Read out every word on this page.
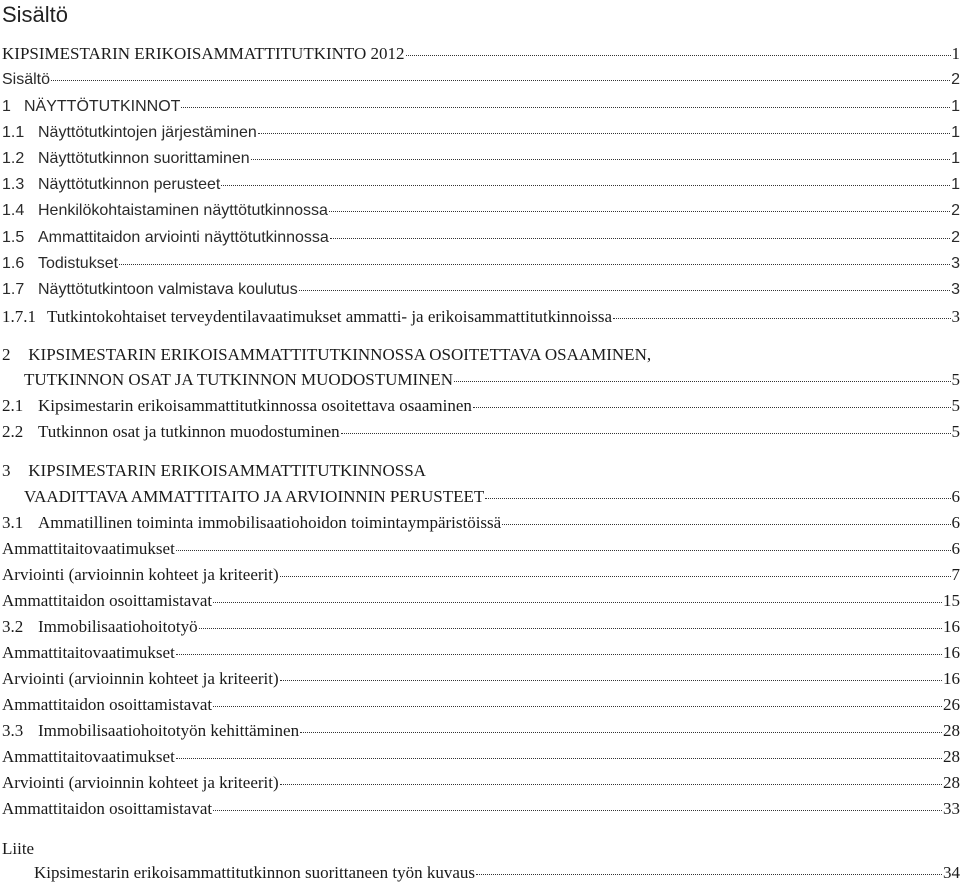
Sisältö
KIPSIMESTARIN ERIKOISAMMATTITUTKINTO 2012	1
Sisältö	2
1 NÄYTTÖTUTKINNOT	1
1.1 Näyttötutkintojen järjestäminen	1
1.2 Näyttötutkinnon suorittaminen	1
1.3 Näyttötutkinnon perusteet	1
1.4 Henkilökohtaistaminen näyttötutkinnossa	2
1.5 Ammattitaidon arviointi näyttötutkinnossa	2
1.6 Todistukset	3
1.7 Näyttötutkintoon valmistava koulutus	3
1.7.1 Tutkintokohtaiset terveydentilavaatimukset ammatti- ja erikoisammattitutkinnoissa	3
2 KIPSIMESTARIN ERIKOISAMMATTITUTKINNOSSA OSOITETTAVA OSAAMINEN,
TUTKINNON OSAT JA TUTKINNON MUODOSTUMINEN	5
2.1 Kipsimestarin erikoisammattitutkinnossa osoitettava osaaminen	5
2.2 Tutkinnon osat ja tutkinnon muodostuminen	5
3 KIPSIMESTARIN ERIKOISAMMATTITUTKINNOSSA
VAADITTAVA AMMATTITAITO JA ARVIOINNIN PERUSTEET	6
3.1 Ammatillinen toiminta immobilisaatiohoidon toimintaympäristöissä	6
Ammattitaitovaatimukset	6
Arviointi (arvioinnin kohteet ja kriteerit)	7
Ammattitaidon osoittamistavat	15
3.2 Immobilisaatiohoitotyö	16
Ammattitaitovaatimukset	16
Arviointi (arvioinnin kohteet ja kriteerit)	16
Ammattitaidon osoittamistavat	26
3.3 Immobilisaatiohoitotyön kehittäminen	28
Ammattitaitovaatimukset	28
Arviointi (arvioinnin kohteet ja kriteerit)	28
Ammattitaidon osoittamistavat	33
Liite
Kipsimestarin erikoisammattitutkinnon suorittaneen työn kuvaus	34
